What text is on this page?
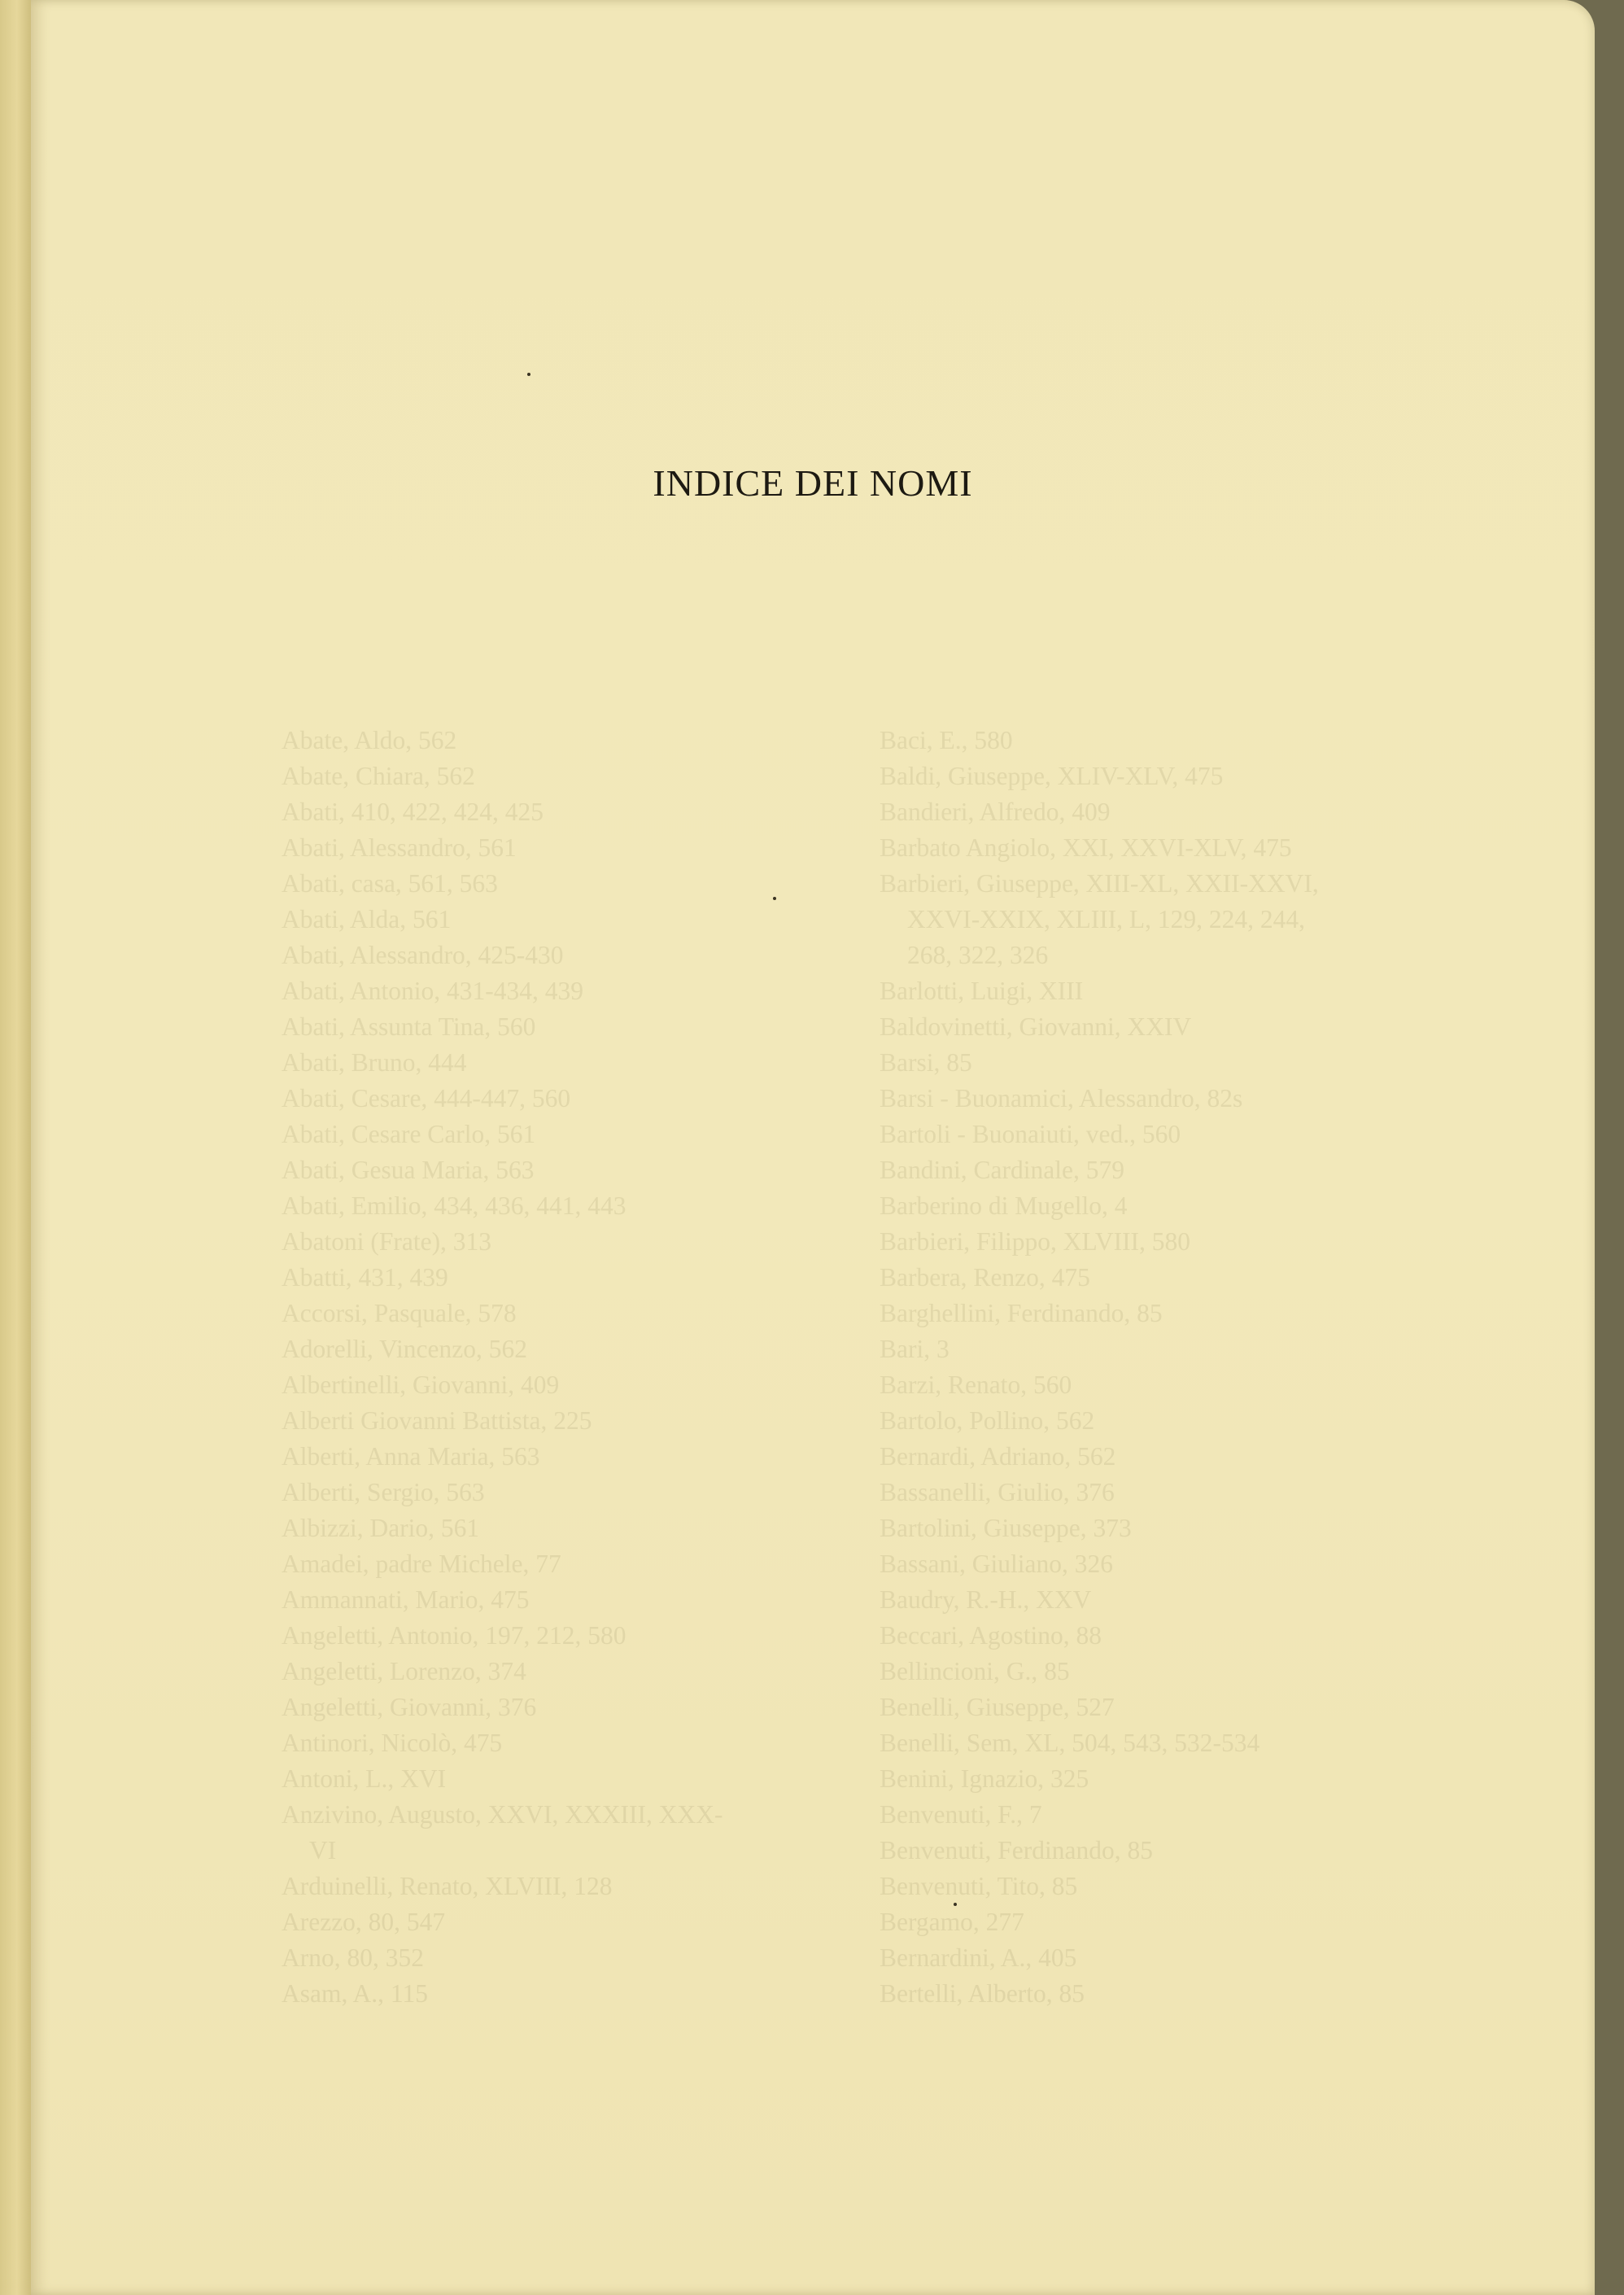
INDICE DEI NOMI
Abate, Aldo, 562
Abate, Chiara, 562
Abati, 410, 422, 424, 425
Abati, Alessandro, 561
Abati, casa, 561, 563
Abati, Alda, 561
Abati, Alessandro, 425-430
Abati, Antonio, 431-434, 439
Abati, Assunta Tina, 560
Abati, Bruno, 444
Abati, Cesare, 444-447, 560
Abati, Cesare Carlo, 561
Abati, Gesua Maria, 563
Abati, Emilio, 434, 436, 441, 443
Abatoni (Frate), 313
Abatti, 431, 439
Accorsi, Pasquale, 578
Adorelli, Vincenzo, 562
Albertinelli, Giovanni, 409
Alberti Giovanni Battista, 225
Alberti, Anna Maria, 563
Alberti, Sergio, 563
Albizzi, Dario, 561
Amadei, padre Michele, 77
Ammannati, Mario, 475
Angeletti, Antonio, 197, 212, 580
Angeletti, Lorenzo, 374
Angeletti, Giovanni, 376
Antinori, Nicolò, 475
Antoni, L., XVI
Anzivino, Augusto, XXVI, XXXIII, XXX-
VI
Arduinelli, Renato, XLVIII, 128
Arezzo, 80, 547
Arno, 80, 352
Asam, A., 115
Baci, E., 580
Baldi, Giuseppe, XLIV-XLV, 475
Bandieri, Alfredo, 409
Barbato Angiolo, XXI, XXVI-XLV, 475
Barbieri, Giuseppe, XIII-XL, XXII-XXVI,
XXVI-XXIX, XLIII, L, 129, 224, 244,
268, 322, 326
Barlotti, Luigi, XIII
Baldovinetti, Giovanni, XXIV
Barsi, 85
Barsi - Buonamici, Alessandro, 82s
Bartoli - Buonaiuti, ved., 560
Bandini, Cardinale, 579
Barberino di Mugello, 4
Barbieri, Filippo, XLVIII, 580
Barbera, Renzo, 475
Barghellini, Ferdinando, 85
Bari, 3
Barzi, Renato, 560
Bartolo, Pollino, 562
Bernardi, Adriano, 562
Bassanelli, Giulio, 376
Bartolini, Giuseppe, 373
Bassani, Giuliano, 326
Baudry, R.-H., XXV
Beccari, Agostino, 88
Bellincioni, G., 85
Benelli, Giuseppe, 527
Benelli, Sem, XL, 504, 543, 532-534
Benini, Ignazio, 325
Benvenuti, F., 7
Benvenuti, Ferdinando, 85
Benvenuti, Tito, 85
Bergamo, 277
Bernardini, A., 405
Bertelli, Alberto, 85
